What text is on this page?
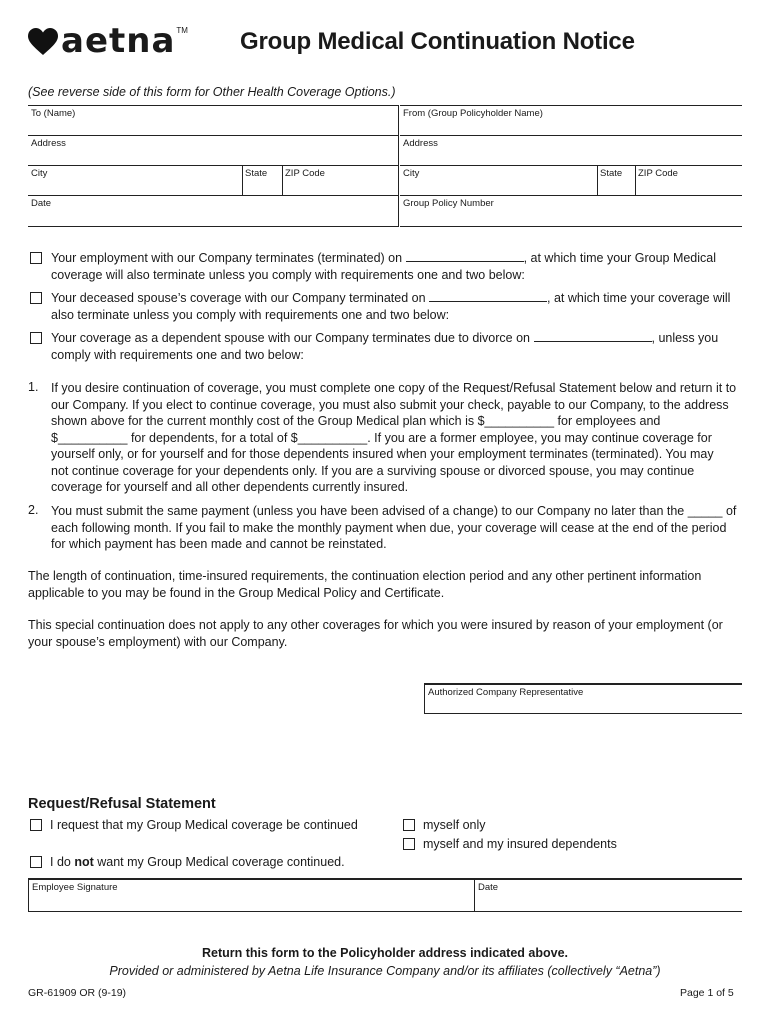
aetna TM Group Medical Continuation Notice
(See reverse side of this form for Other Health Coverage Options.)
To (Name)	From (Group Policyholder Name)
Address	Address
City	State	ZIP Code	City	State	ZIP Code
Date	Group Policy Number
Your employment with our Company terminates (terminated) on	, at which time your Group Medical
coverage will also terminate unless you comply with requirements one and two below:
Your deceased spouse’s coverage with our Company terminated on	, at which time your coverage will
also terminate unless you comply with requirements one and two below:
Your coverage as a dependent spouse with our Company terminates due to divorce on	, unless you
comply with requirements one and two below:
1. If you desire continuation of coverage, you must complete one copy of the Request/Refusal Statement below and return it to
our Company. If you elect to continue coverage, you must also submit your check, payable to our Company, to the address
shown above for the current monthly cost of the Group Medical plan which is $__________ for employees and
$__________ for dependents, for a total of $__________. If you are a former employee, you may continue coverage for
yourself only, or for yourself and for those dependents insured when your employment terminates (terminated). You may
not continue coverage for your dependents only. If you are a surviving spouse or divorced spouse, you may continue
coverage for yourself and all other dependents currently insured.
2. You must submit the same payment (unless you have been advised of a change) to our Company no later than the _____ of
each following month. If you fail to make the monthly payment when due, your coverage will cease at the end of the period
for which payment has been made and cannot be reinstated.
The length of continuation, time-insured requirements, the continuation election period and any other pertinent information
applicable to you may be found in the Group Medical Policy and Certificate.
This special continuation does not apply to any other coverages for which you were insured by reason of your employment (or
your spouse’s employment) with our Company.
Authorized Company Representative
Request/Refusal Statement
I request that my Group Medical coverage be continued	myself only
myself and my insured dependents
I do not want my Group Medical coverage continued.
Employee Signature	Date
Return this form to the Policyholder address indicated above.
Provided or administered by Aetna Life Insurance Company and/or its affiliates (collectively “Aetna”)
GR-61909 OR (9-19)	Page 1 of 5
